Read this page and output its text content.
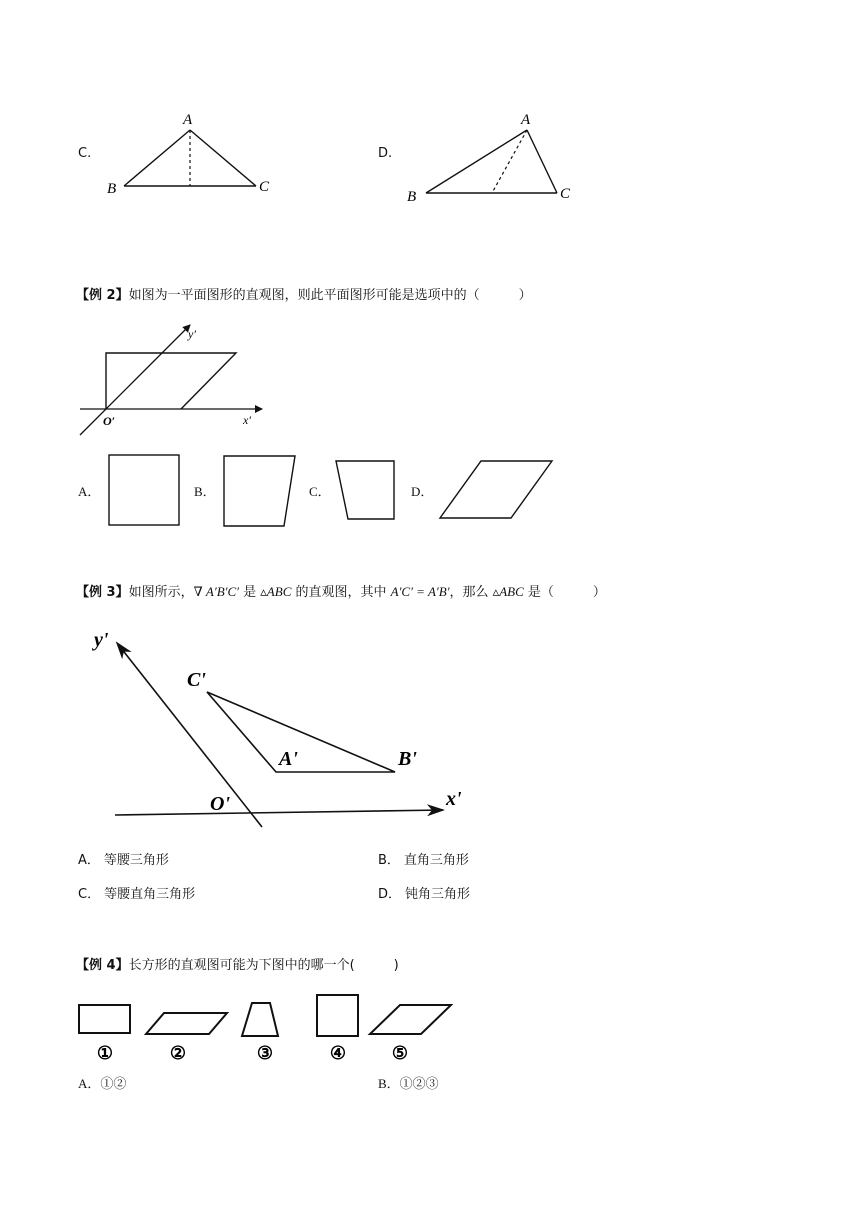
C.
A
B	C
A
B	C
D.
【例 2】如图为一平面图形的直观图，则此平面图形可能是选项中的（　　　）
y′
x′
O′
A．	B．	C．	D．
【例 3】如图所示，∇ A′B′C′ 是 ▵ABC 的直观图，其中 A′C′ = A′B′，那么 ▵ABC 是（　　　）
y'
C'
A'	B'
O'	x'
A． 等腰三角形	B． 直角三角形
C． 等腰直角三角形	D． 钝角三角形
【例 4】长方形的直观图可能为下图中的哪一个(　　　)
①	②	③	④	⑤
A．①②	B．①②③
